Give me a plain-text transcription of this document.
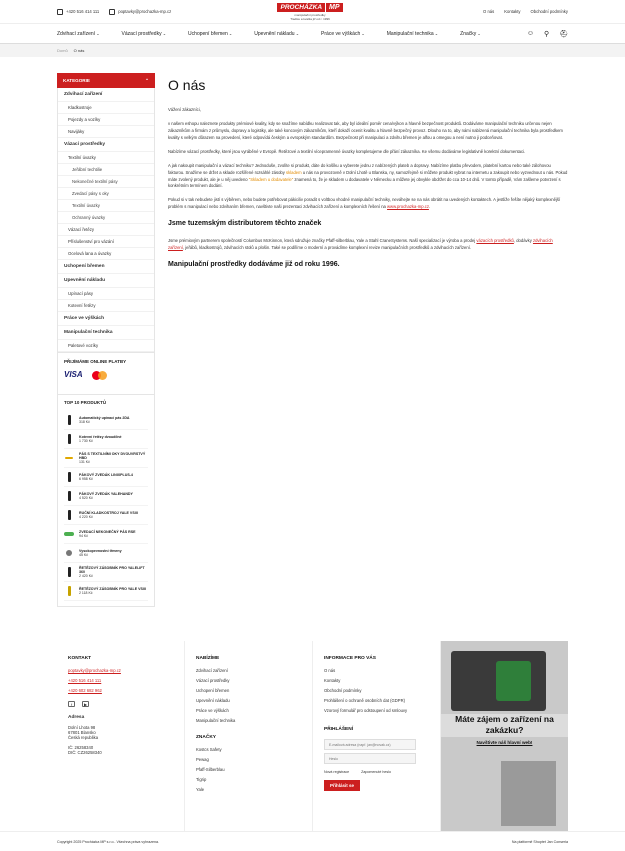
+420 516 414 111	poptavky@prochazka-mp.cz	O nás Kontakty Obchodní podmínky
PROCHÁZKA	MP
manipulační prostředky
Tradice a kvalita již od r. 1996
Zdvihací zařízení ⌄	Vázací prostředky ⌄	Uchopení břemen ⌄	Upevnění nákladu ⌄	Práce ve výškách ⌄	Manipulační technika ⌄	Značky ⌄	☺ ⚲ ⛑
Domů O nás
KATEGORIE	⌃
Zdvihací zařízení
Kladkostroje
Pojezdy a vozíky
Navijáky
Vázací prostředky
Textilní úvazky
Jeřábní techtilie
Nekonečné textilní pásy
Zvedací pásy s oky
Textilní úvazky
Ochranný úvazky
Vázací řetězy
Příslušenství pro vázání
Ocelová lana a úvazky
Uchopení břemen
Upevnění nákladu
Upínací pásy
Kotevní řetězy
Práce ve výškách
Manipulační technika
Paletové vozíky
PŘIJÍMÁME ONLINE PLATBY
VISA
TOP 10 PRODUKTŮ
Automatický upínací pás 2DA
318 Kč
Kotevní řetězy dvoudílné
1 730 Kč
PÁS S TEXTILNÍMI OKY DVOUVRSTVÝ HBD
131 Kč
PÁKOVÝ ZVEDÁK LINIXPLUS-4
6 958 Kč
PÁKOVÝ ZVEDÁK YALEHANDY
4 520 Kč
RUČNÍ KLADKOSTROJ YALE VSIII
4 220 Kč
ZVEDACÍ NEKONEČNÝ PÁS RSE
94 Kč
Vysokopevnostní třmeny
45 Kč
ŘETĚZOVÝ ZÁSOBNÍK PRO YALELIFT 360
2 420 Kč
ŘETĚZOVÝ ZÁSOBNÍK PRO YALE VSIII
2 118 Kč
O nás

Vážení zákazníci,

v našem eshopu naleznete produkty prémiové kvality, kdy se snažíme nabídku realizovat tak, aby byl ideální poměr cena/výkon a hlavně bezpečnost produktů. Dodáváme manipulační techniku určenou nejen zákazníkům a firmám z průmyslu, dopravy a logistiky, ale také koncovým zákazníkům, kteří dokaží ocenit kvalitu a hlavně bezpečný provoz. Dlouho na to, aby námi nabízená manipulační technika byla prostředkem kvality s velkým důrazem na provedení, které odpovídá českým a evropským standardům. Bezpečnost při manipulaci a zdvihu břemen je alfou a omegou a není nutno ji podceňovat.

Nabízíme vázací prostředky, které jsou vyráběné v Evropě. Řetězové a textilní vícepramenné úvazky kompletujeme dle přání zákazníka. Ke všemu dodáváme legislativně korektní dokumentaci.

A jak nakoupit manipulační a vázací techniku? Jednoduše, zvolíte si produkt, dáte do košíku a vyberete jednu z nabízených plateb a dopravy. Nabízíme platbu převodem, platební kartou nebo také zálohovou fakturou. Snažíme se držet a sklade rozšířené rozsáhlé zásoby skladem u nás na provozovně v Dolní Lhotě u Blanska, ny, samozřejmě si můžete produkt vybrat na internetu a zakoupit nebo vyzvednout u nás. Pokud máte zvolený produkt, ale je u něj uvedeno "Skladem u dodavatele" znamená to, že je skladem u dodavatele v Německu a můžete jej obvykle obdržet do cca 10-14 dnů. V tomto případě, Vám zašleme potvrzení s konkrétním termínem dodání.

Pokud si v tak nebudete jistí s výběrem, nebo budete potřebovat pákiciliv poradit s voltbou vhodné manipulační techniky, neváhejte se na nás obrátit na uvedených kontaktech. A jestliže řešíte nějaký komplexnější problém s manipulací nebo zdvihaním břemen, navštivte naši prezentaci zdvihacích zařízení a komplexních řešení na www.prochazka-mp.cz.

Jsme tuzemským distributorem těchto značek

Jsme prémiovým partnerem společností Columbus McKinnon, která sdružuje značky Pfaff-silberblau, Yale a Stahl CraneSystems. Naší specializací je výroba a prodej vázacích prostředků, dodávky zdvihacích zařízení, jeřábů, kladkostrojů, zdvihacích stolů a plošin. Také se podílíme o moderní a provádíme komplexní revize manipulačních prostředků a zdvihacích zařízení.

Manipulační prostředky dodáváme již od roku 1996.
KONTAKT
poptavky@prochazka-mp.cz
+420 516 414 111
+420 602 682 962
f	▶
Adresa
Dolní Lhota 98
67801 Blansko
Česká republika
IČ: 26258340
DIČ: CZ26258340
NABÍZÍME
Zdvihací zařízení
Vázací prostředky
Uchopení břemen
Upevnění nákladu
Práce ve výškách
Manipulační technika
ZNAČKY
Kostcs Safety
Pewag
Pfaff-Silberblau
Tigrip
Yale
INFORMACE PRO VÁS
O nás
Kontakty
Obchodní podmínky
Prohlášení o ochraně osobních dat (GDPR)
Vzorový formulář pro odstoupení od smlouvy
PŘIHLÁŠENÍ
E-mailová adresa (např. jan@novak.cz)
Heslo
Nová registrace	Zapomenuté heslo
Přihlásit se
Máte zájem o zařízení na zakázku?
Navštivte náš hlavní web!
Copyright 2025 Procházka MP s.r.o.. Všechna práva vyhrazena.	Na platformě Shoptet Jan Conseria
